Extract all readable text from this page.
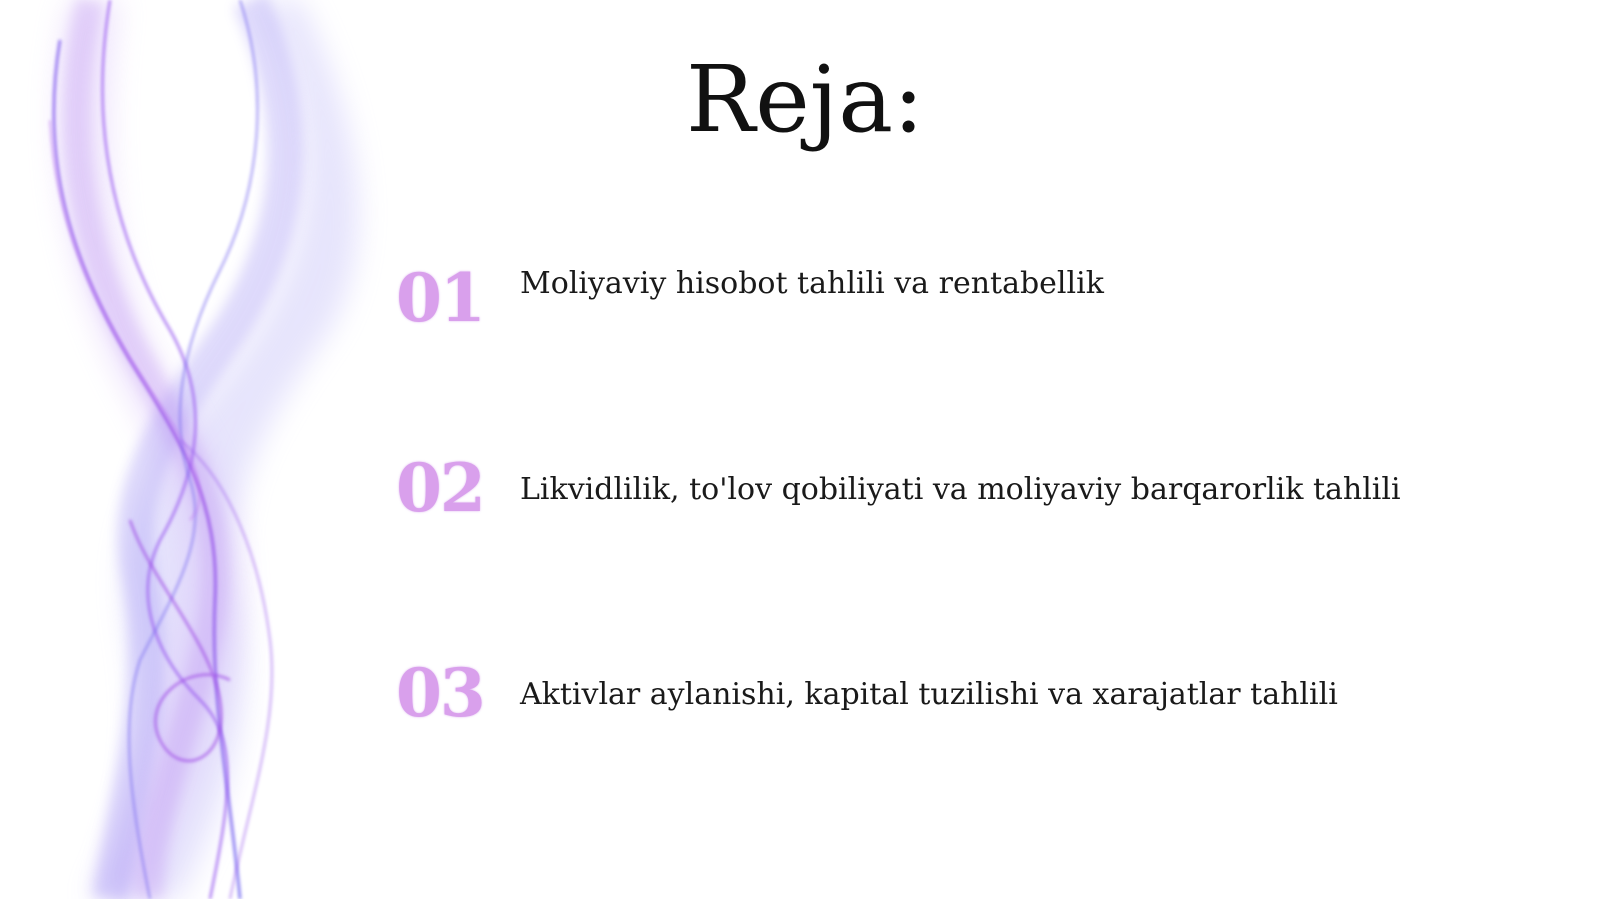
Reja:
01 Moliyaviy hisobot tahlili va rentabellik
02 Likvidlilik, to'lov qobiliyati va moliyaviy barqarorlik tahlili
03 Aktivlar aylanishi, kapital tuzilishi va xarajatlar tahlili
